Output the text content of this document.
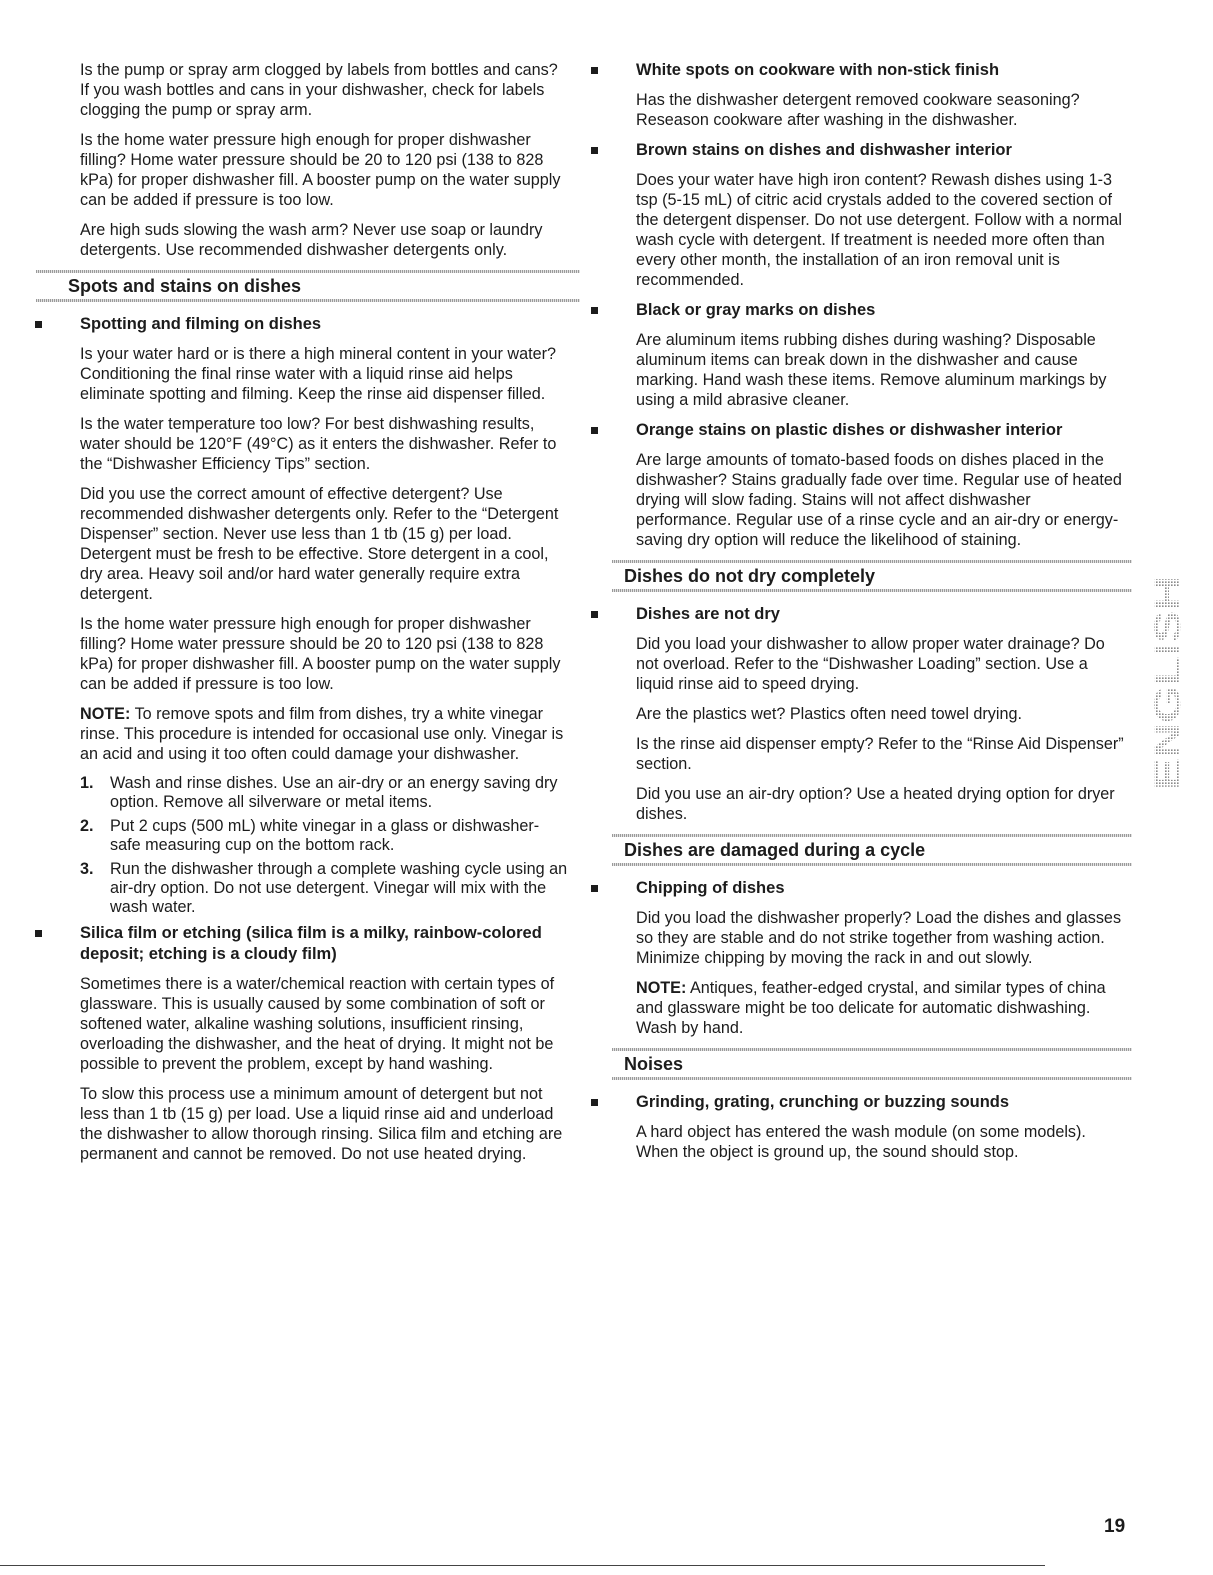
Is the pump or spray arm clogged by labels from bottles and cans? If you wash bottles and cans in your dishwasher, check for labels clogging the pump or spray arm.

Is the home water pressure high enough for proper dishwasher filling? Home water pressure should be 20 to 120 psi (138 to 828 kPa) for proper dishwasher fill. A booster pump on the water supply can be added if pressure is too low.

Are high suds slowing the wash arm? Never use soap or laundry detergents. Use recommended dishwasher detergents only.

Spots and stains on dishes
Spotting and filming on dishes

Is your water hard or is there a high mineral content in your water? Conditioning the final rinse water with a liquid rinse aid helps eliminate spotting and filming. Keep the rinse aid dispenser filled.

Is the water temperature too low? For best dishwashing results, water should be 120°F (49°C) as it enters the dishwasher. Refer to the “Dishwasher Efficiency Tips” section.

Did you use the correct amount of effective detergent? Use recommended dishwasher detergents only. Refer to the “Detergent Dispenser” section. Never use less than 1 tb (15 g) per load. Detergent must be fresh to be effective. Store detergent in a cool, dry area. Heavy soil and/or hard water generally require extra detergent.

Is the home water pressure high enough for proper dishwasher filling? Home water pressure should be 20 to 120 psi (138 to 828 kPa) for proper dishwasher fill. A booster pump on the water supply can be added if pressure is too low.

NOTE: To remove spots and film from dishes, try a white vinegar rinse. This procedure is intended for occasional use only. Vinegar is an acid and using it too often could damage your dishwasher.

1. Wash and rinse dishes. Use an air-dry or an energy saving dry option. Remove all silverware or metal items.
2. Put 2 cups (500 mL) white vinegar in a glass or dishwasher-safe measuring cup on the bottom rack.
3. Run the dishwasher through a complete washing cycle using an air-dry option. Do not use detergent. Vinegar will mix with the wash water.
Silica film or etching (silica film is a milky, rainbow-colored deposit; etching is a cloudy film)

Sometimes there is a water/chemical reaction with certain types of glassware. This is usually caused by some combination of soft or softened water, alkaline washing solutions, insufficient rinsing, overloading the dishwasher, and the heat of drying. It might not be possible to prevent the problem, except by hand washing.

To slow this process use a minimum amount of detergent but not less than 1 tb (15 g) per load. Use a liquid rinse aid and underload the dishwasher to allow thorough rinsing. Silica film and etching are permanent and cannot be removed. Do not use heated drying.

White spots on cookware with non-stick finish

Has the dishwasher detergent removed cookware seasoning? Reseason cookware after washing in the dishwasher.

Brown stains on dishes and dishwasher interior

Does your water have high iron content? Rewash dishes using 1-3 tsp (5-15 mL) of citric acid crystals added to the covered section of the detergent dispenser. Do not use detergent. Follow with a normal wash cycle with detergent. If treatment is needed more often than every other month, the installation of an iron removal unit is recommended.

Black or gray marks on dishes

Are aluminum items rubbing dishes during washing? Disposable aluminum items can break down in the dishwasher and cause marking. Hand wash these items. Remove aluminum markings by using a mild abrasive cleaner.

Orange stains on plastic dishes or dishwasher interior

Are large amounts of tomato-based foods on dishes placed in the dishwasher? Stains gradually fade over time. Regular use of heated drying will slow fading. Stains will not affect dishwasher performance. Regular use of a rinse cycle and an air-dry or energy-saving dry option will reduce the likelihood of staining.

Dishes do not dry completely
Dishes are not dry

Did you load your dishwasher to allow proper water drainage? Do not overload. Refer to the “Dishwasher Loading” section. Use a liquid rinse aid to speed drying.

Are the plastics wet? Plastics often need towel drying.

Is the rinse aid dispenser empty? Refer to the “Rinse Aid Dispenser” section.

Did you use an air-dry option? Use a heated drying option for dryer dishes.

Dishes are damaged during a cycle
Chipping of dishes

Did you load the dishwasher properly? Load the dishes and glasses so they are stable and do not strike together from washing action. Minimize chipping by moving the rack in and out slowly.

NOTE: Antiques, feather-edged crystal, and similar types of china and glassware might be too delicate for automatic dishwashing. Wash by hand.

Noises
Grinding, grating, crunching or buzzing sounds

A hard object has entered the wash module (on some models). When the object is ground up, the sound should stop.

ENGLISH
19
